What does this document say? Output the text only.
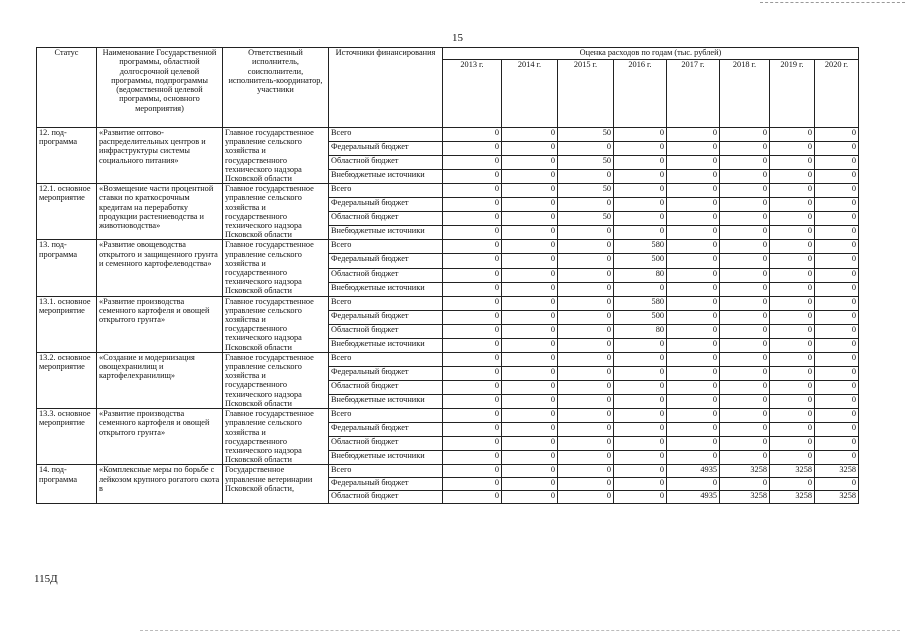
15
Статус	Наименование Государственной программы, областной долгосрочной целевой программы, подпрограммы (ведомственной целевой программы, основного мероприятия)	Ответственный исполнитель, соисполнители, исполнитель-координатор, участники	Источники финансирования	Оценка расходов по годам (тыс. рублей)							
				2013 г.	2014 г.	2015 г.	2016 г.	2017 г.	2018 г.	2019 г.	2020 г.
12. под-программа	«Развитие оптово-распределительных центров и инфраструктуры системы социального питания»	Главное государственное управление сельского хозяйства и государственного технического надзора Псковской области	Всего	0	0	50	0	0	0	0	0
			Федеральный бюджет	0	0	0	0	0	0	0	0
			Областной бюджет	0	0	50	0	0	0	0	0
			Внебюджетные источники	0	0	0	0	0	0	0	0
12.1. основное мероприятие	«Возмещение части процентной ставки по краткосрочным кредитам на переработку продукции растениеводства и животноводства»	Главное государственное управление сельского хозяйства и государственного технического надзора Псковской области	Всего	0	0	50	0	0	0	0	0
			Федеральный бюджет	0	0	0	0	0	0	0	0
			Областной бюджет	0	0	50	0	0	0	0	0
			Внебюджетные источники	0	0	0	0	0	0	0	0
13. под-программа	«Развитие овощеводства открытого и защищенного грунта и семенного картофелеводства»	Главное государственное управление сельского хозяйства и государственного технического надзора Псковской области	Всего	0	0	0	580	0	0	0	0
			Федеральный бюджет	0	0	0	500	0	0	0	0
			Областной бюджет	0	0	0	80	0	0	0	0
			Внебюджетные источники	0	0	0	0	0	0	0	0
13.1. основное мероприятие	«Развитие производства семенного картофеля и овощей открытого грунта»	Главное государственное управление сельского хозяйства и государственного технического надзора Псковской области	Всего	0	0	0	580	0	0	0	0
			Федеральный бюджет	0	0	0	500	0	0	0	0
			Областной бюджет	0	0	0	80	0	0	0	0
			Внебюджетные источники	0	0	0	0	0	0	0	0
13.2. основное мероприятие	«Создание и модернизация овощехранилищ и картофелехранилищ»	Главное государственное управление сельского хозяйства и государственного технического надзора Псковской области	Всего	0	0	0	0	0	0	0	0
			Федеральный бюджет	0	0	0	0	0	0	0	0
			Областной бюджет	0	0	0	0	0	0	0	0
			Внебюджетные источники	0	0	0	0	0	0	0	0
13.3. основное мероприятие	«Развитие производства семенного картофеля и овощей открытого грунта»	Главное государственное управление сельского хозяйства и государственного технического надзора Псковской области	Всего	0	0	0	0	0	0	0	0
			Федеральный бюджет	0	0	0	0	0	0	0	0
			Областной бюджет	0	0	0	0	0	0	0	0
			Внебюджетные источники	0	0	0	0	0	0	0	0
14. под-программа	«Комплексные меры по борьбе с лейкозом крупного рогатого скота в	Государственное управление ветеринарии Псковской области,	Всего	0	0	0	0	4935	3258	3258	3258
			Федеральный бюджет	0	0	0	0	0	0	0	0
			Областной бюджет	0	0	0	0	4935	3258	3258	3258
115Д
